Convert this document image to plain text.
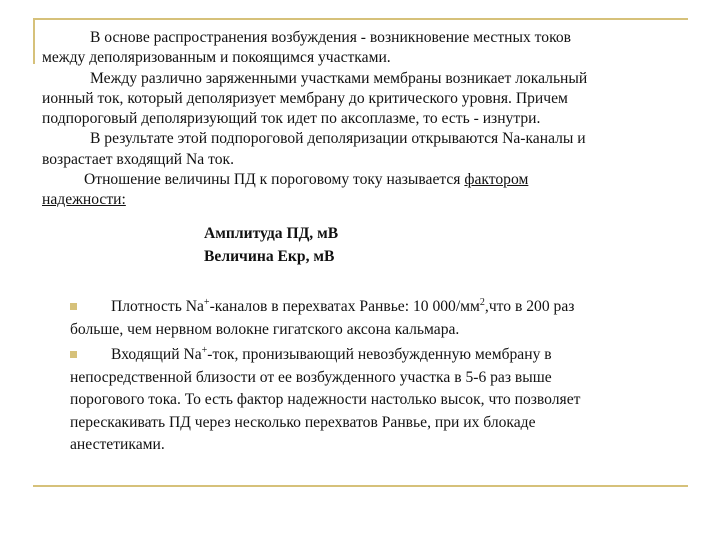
В основе распространения возбуждения - возникновение местных токов
между деполяризованным и покоящимся участками.
Между различно заряженными участками мембраны возникает локальный
ионный ток, который деполяризует мембрану до критического уровня. Причем
подпороговый деполяризующий ток идет по аксоплазме, то есть - изнутри.
В результате этой подпороговой деполяризации открываются Na-каналы и
возрастает входящий Na ток.
Отношение величины ПД к пороговому току называется фактором
надежности:
Амплитуда ПД, мВ
Величина Екр, мВ
Плотность Na+-каналов в перехватах Ранвье: 10 $000/мм^2,что$ в 200 раз
больше, чем нервном волокне гигатского аксона кальмара.
Входящий Na+-ток, пронизывающий невозбужденную мембрану в
непосредственной близости от ее возбужденного участка в 5-6 раз выше
порогового тока. То есть фактор надежности настолько высок, что позволяет
перескакивать ПД через несколько перехватов Ранвье, при их блокаде
анестетиками.
